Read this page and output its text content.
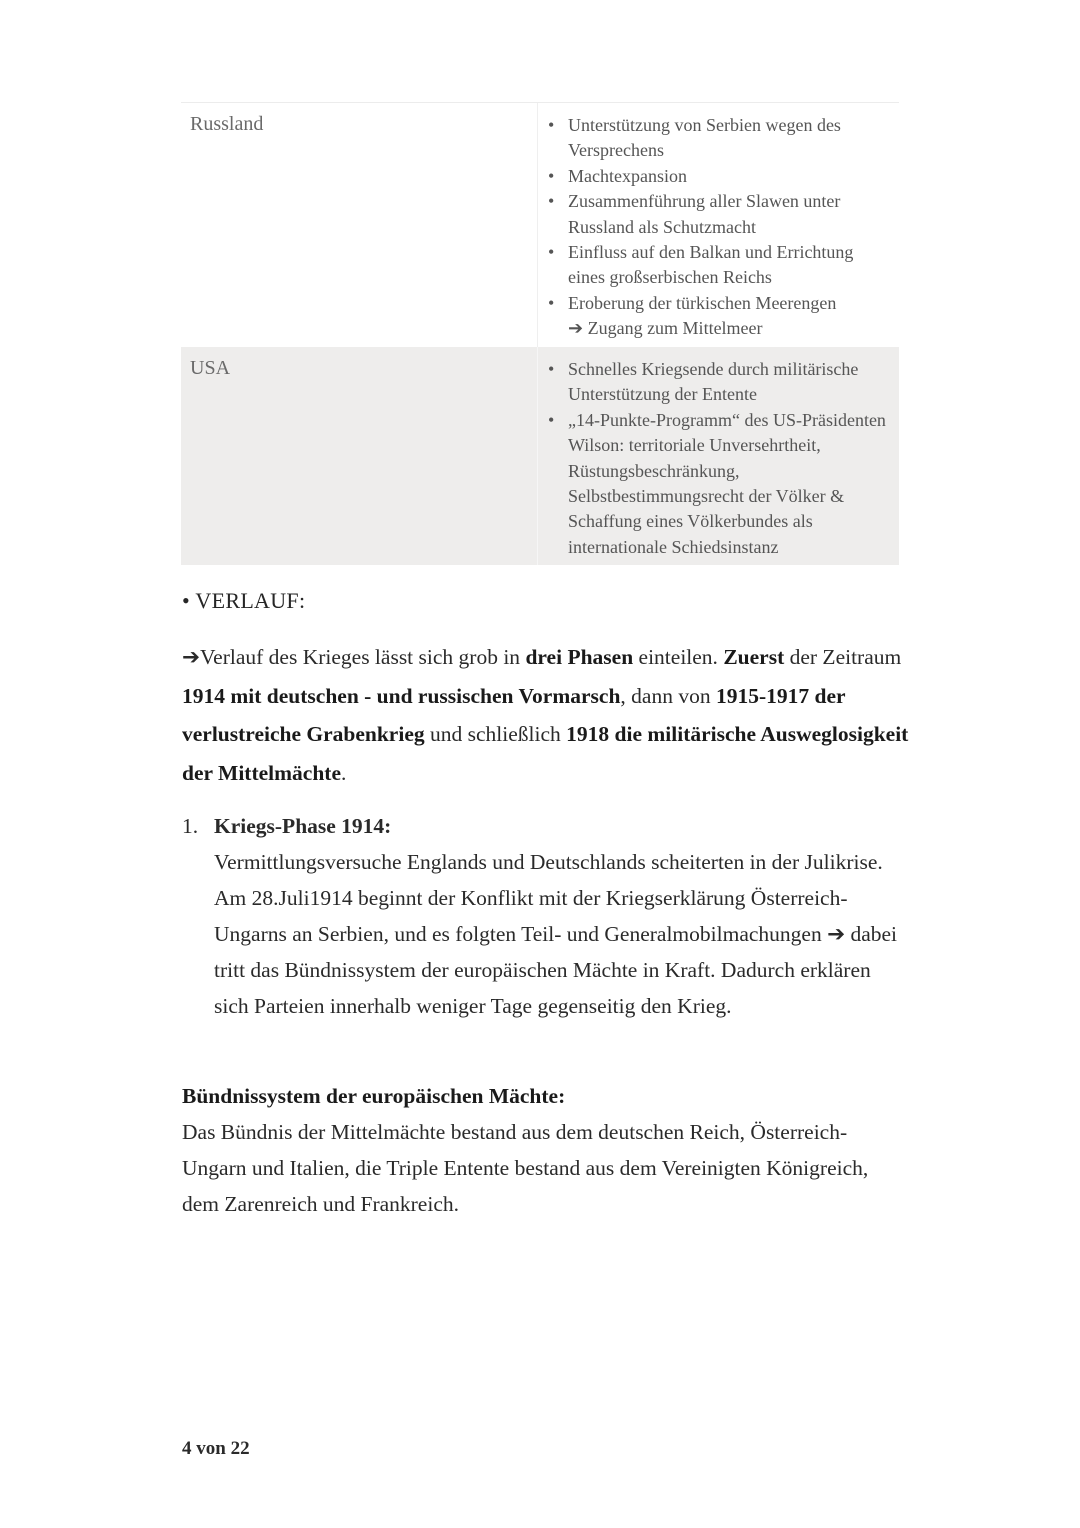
Russland	• Unterstützung von Serbien wegen des Versprechens
• Machtexpansion
• Zusammenführung aller Slawen unter Russland als Schutzmacht
• Einfluss auf den Balkan und Errichtung eines großserbischen Reichs
• Eroberung der türkischen Meerengen
➔ Zugang zum Mittelmeer
USA	• Schnelles Kriegsende durch militärische Unterstützung der Entente
• „14-Punkte-Programm“ des US-Präsidenten Wilson: territoriale Unversehrtheit, Rüstungsbeschränkung, Selbstbestimmungsrecht der Völker & Schaffung eines Völkerbundes als internationale Schiedsinstanz
• VERLAUF:
➔Verlauf des Krieges lässt sich grob in drei Phasen einteilen. Zuerst der Zeitraum 1914 mit deutschen - und russischen Vormarsch, dann von 1915-1917 der verlustreiche Grabenkrieg und schließlich 1918 die militärische Ausweglosigkeit der Mittelmächte.
1. Kriegs-Phase 1914:
Vermittlungsversuche Englands und Deutschlands scheiterten in der Julikrise. Am 28.Juli1914 beginnt der Konflikt mit der Kriegserklärung Österreich-Ungarns an Serbien, und es folgten Teil- und Generalmobilmachungen ➔ dabei tritt das Bündnissystem der europäischen Mächte in Kraft. Dadurch erklären sich Parteien innerhalb weniger Tage gegenseitig den Krieg.
Bündnissystem der europäischen Mächte:
Das Bündnis der Mittelmächte bestand aus dem deutschen Reich, Österreich-Ungarn und Italien, die Triple Entente bestand aus dem Vereinigten Königreich, dem Zarenreich und Frankreich.
4 von 22
